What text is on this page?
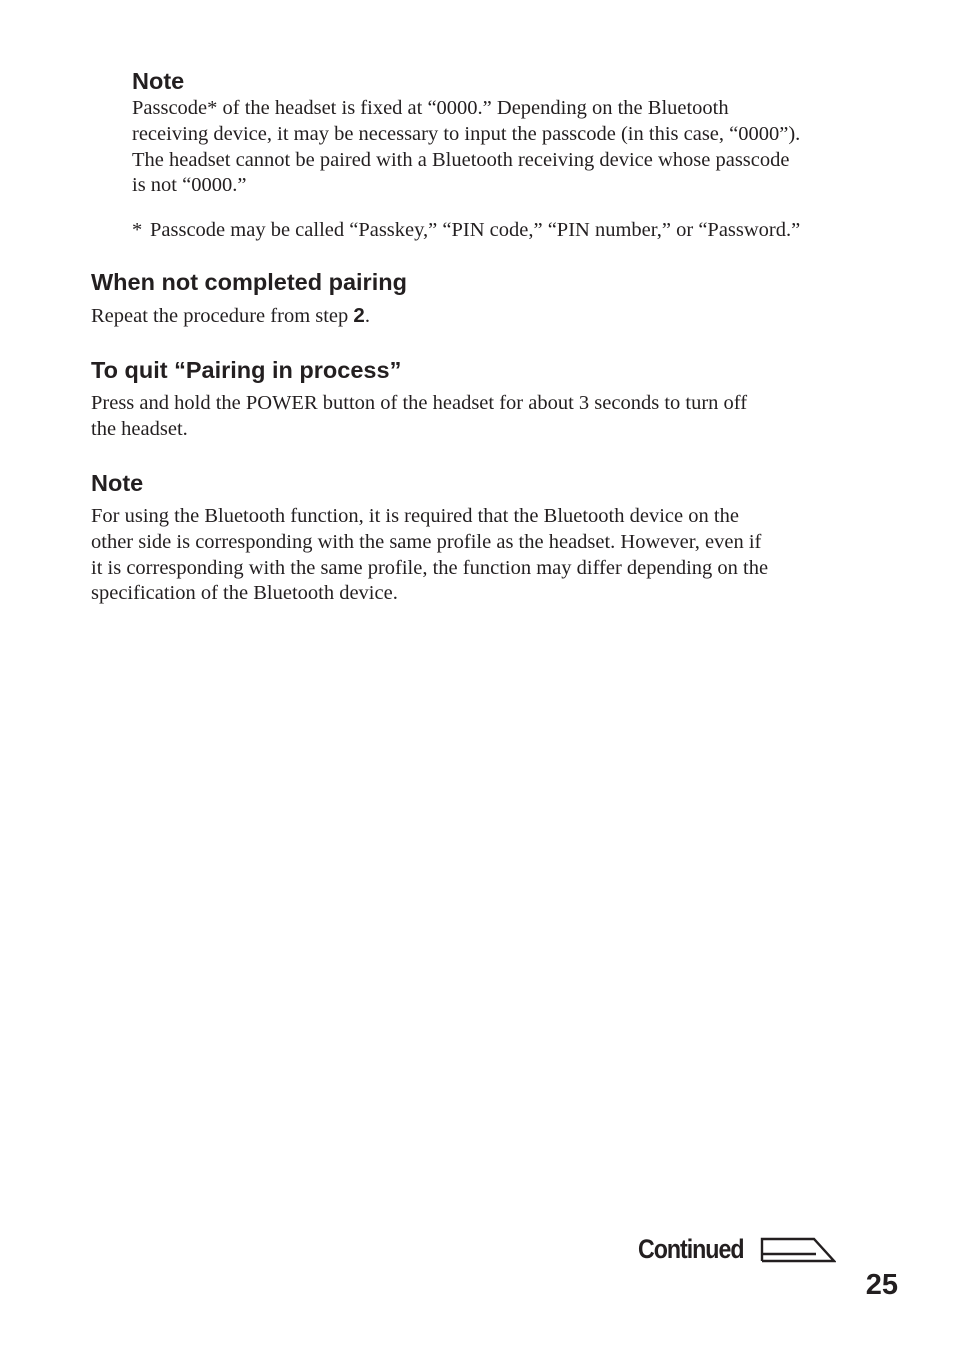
Note
Passcode* of the headset is fixed at “0000.” Depending on the Bluetooth
receiving device, it may be necessary to input the passcode (in this case, “0000”).
The headset cannot be paired with a Bluetooth receiving device whose passcode
is not “0000.”
* Passcode may be called “Passkey,” “PIN code,” “PIN number,” or “Password.”
When not completed pairing

Repeat the procedure from step 2.

To quit “Pairing in process”

Press and hold the POWER button of the headset for about 3 seconds to turn off
the headset.

Note

For using the Bluetooth function, it is required that the Bluetooth device on the
other side is corresponding with the same profile as the headset. However, even if
it is corresponding with the same profile, the function may differ depending on the
specification of the Bluetooth device.

Continued
25
